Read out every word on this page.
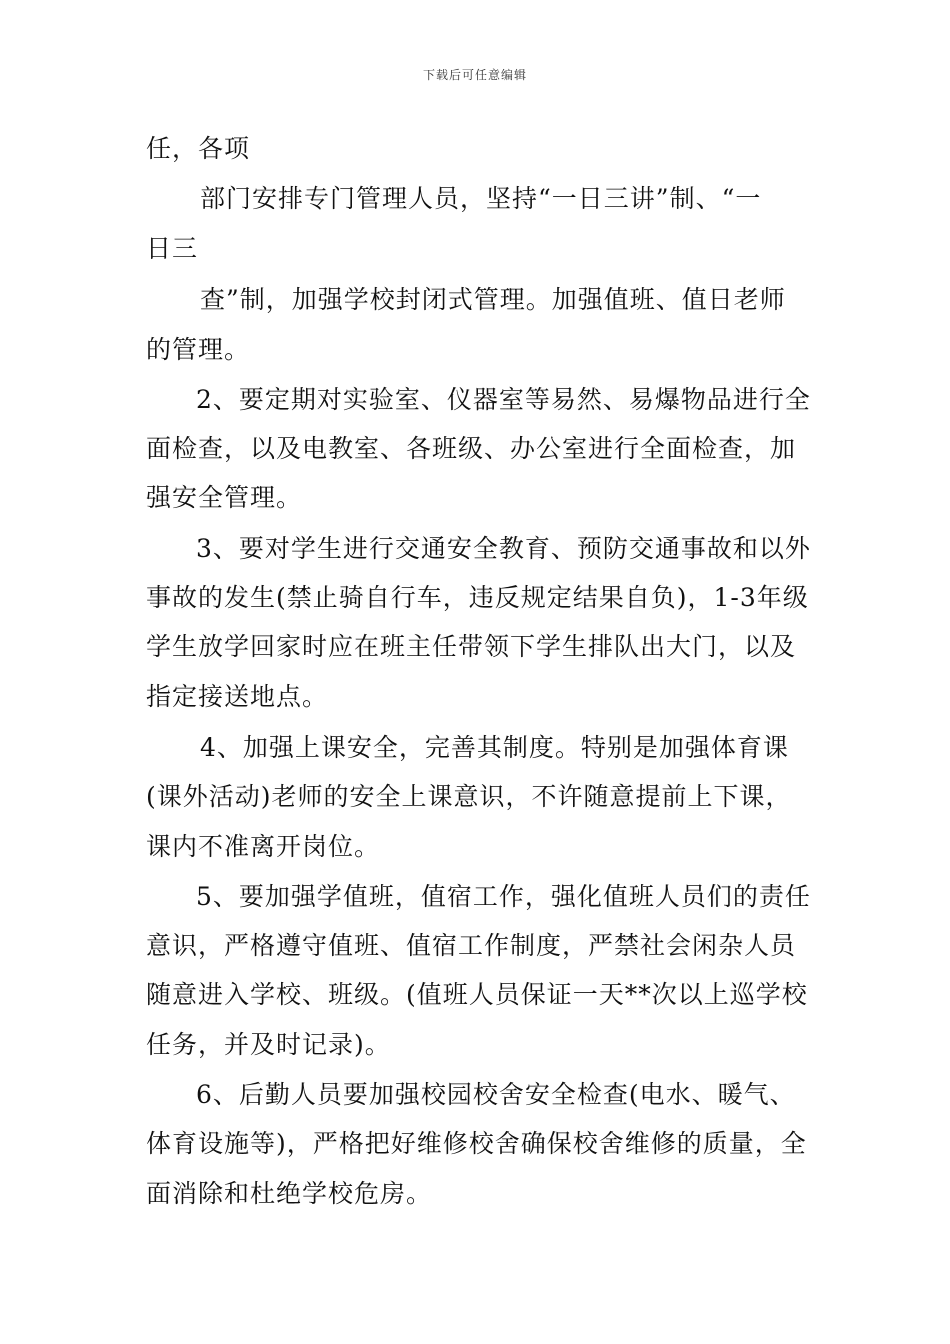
下载后可任意编辑
任，各项
部门安排专门管理人员，坚持“一日三讲”制、“一
日三
查”制，加强学校封闭式管理。加强值班、值日老师
的管理。
2、要定期对实验室、仪器室等易然、易爆物品进行全
面检查，以及电教室、各班级、办公室进行全面检查，加
强安全管理。
3、要对学生进行交通安全教育、预防交通事故和以外
事故的发生(禁止骑自行车，违反规定结果自负)，1-3年级
学生放学回家时应在班主任带领下学生排队出大门，以及
指定接送地点。
4、加强上课安全，完善其制度。特别是加强体育课
(课外活动)老师的安全上课意识，不许随意提前上下课，
课内不准离开岗位。
5、要加强学值班，值宿工作，强化值班人员们的责任
意识，严格遵守值班、值宿工作制度，严禁社会闲杂人员
随意进入学校、班级。(值班人员保证一天**次以上巡学校
任务，并及时记录)。
6、后勤人员要加强校园校舍安全检查(电水、暖气、
体育设施等)，严格把好维修校舍确保校舍维修的质量，全
面消除和杜绝学校危房。
